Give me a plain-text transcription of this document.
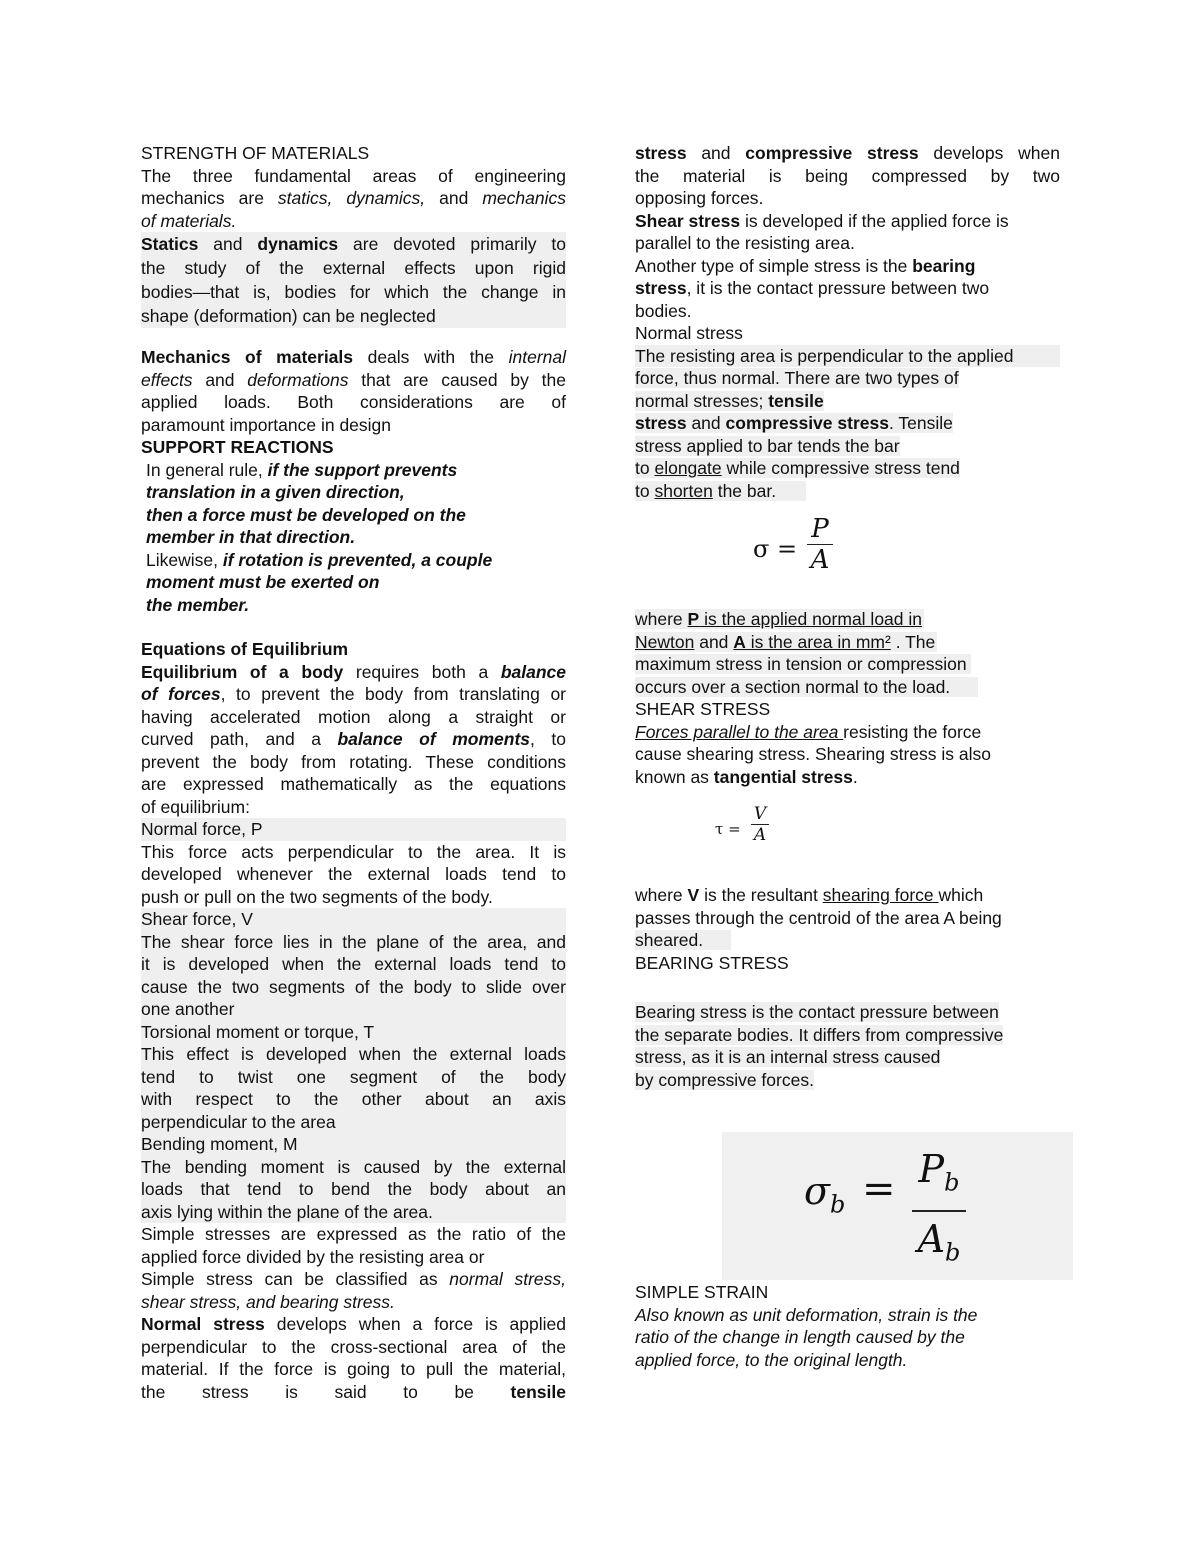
STRENGTH OF MATERIALS
The three fundamental areas of engineering
mechanics are statics, dynamics, and mechanics
of materials.
Statics and dynamics are devoted primarily to
the study of the external effects upon rigid
bodies—that is, bodies for which the change in
shape (deformation) can be neglected
Mechanics of materials deals with the internal
effects and deformations that are caused by the
applied loads. Both considerations are of
paramount importance in design
SUPPORT REACTIONS
In general rule, if the support prevents
translation in a given direction,
then a force must be developed on the
member in that direction.
Likewise, if rotation is prevented, a couple
moment must be exerted on
the member.
Equations of Equilibrium
Equilibrium of a body requires both a balance
of forces, to prevent the body from translating or
having accelerated motion along a straight or
curved path, and a balance of moments, to
prevent the body from rotating. These conditions
are expressed mathematically as the equations
of equilibrium:
Normal force, P
This force acts perpendicular to the area. It is
developed whenever the external loads tend to
push or pull on the two segments of the body.
Shear force, V
The shear force lies in the plane of the area, and
it is developed when the external loads tend to
cause the two segments of the body to slide over
one another
Torsional moment or torque, T
This effect is developed when the external loads
tend to twist one segment of the body
with respect to the other about an axis
perpendicular to the area
Bending moment, M
The bending moment is caused by the external
loads that tend to bend the body about an
axis lying within the plane of the area.
Simple stresses are expressed as the ratio of the
applied force divided by the resisting area or
Simple stress can be classified as normal stress,
shear stress, and bearing stress.
Normal stress develops when a force is applied
perpendicular to the cross-sectional area of the
material. If the force is going to pull the material,
the stress is said to be tensile
stress and compressive stress develops when
the material is being compressed by two
opposing forces.
Shear stress is developed if the applied force is
parallel to the resisting area.
Another type of simple stress is the bearing
stress, it is the contact pressure between two
bodies.
Normal stress
The resisting area is perpendicular to the applied
force, thus normal. There are two types of
normal stresses; tensile
stress and compressive stress. Tensile
stress applied to bar tends the bar
to elongate while compressive stress tend
to shorten the bar.
σ =
P
A
where P is the applied normal load in
Newton and A is the area in mm² . The
maximum stress in tension or compression
occurs over a section normal to the load.
SHEAR STRESS
Forces parallel to the area resisting the force
cause shearing stress. Shearing stress is also
known as tangential stress.
τ =
V
A
where V is the resultant shearing force which
passes through the centroid of the area A being
sheared.
BEARING STRESS
Bearing stress is the contact pressure between
the separate bodies. It differs from compressive
stress, as it is an internal stress caused
by compressive forces.
$\sigma_b = P_b$
$A_b$
SIMPLE STRAIN
Also known as unit deformation, strain is the
ratio of the change in length caused by the
applied force, to the original length.
